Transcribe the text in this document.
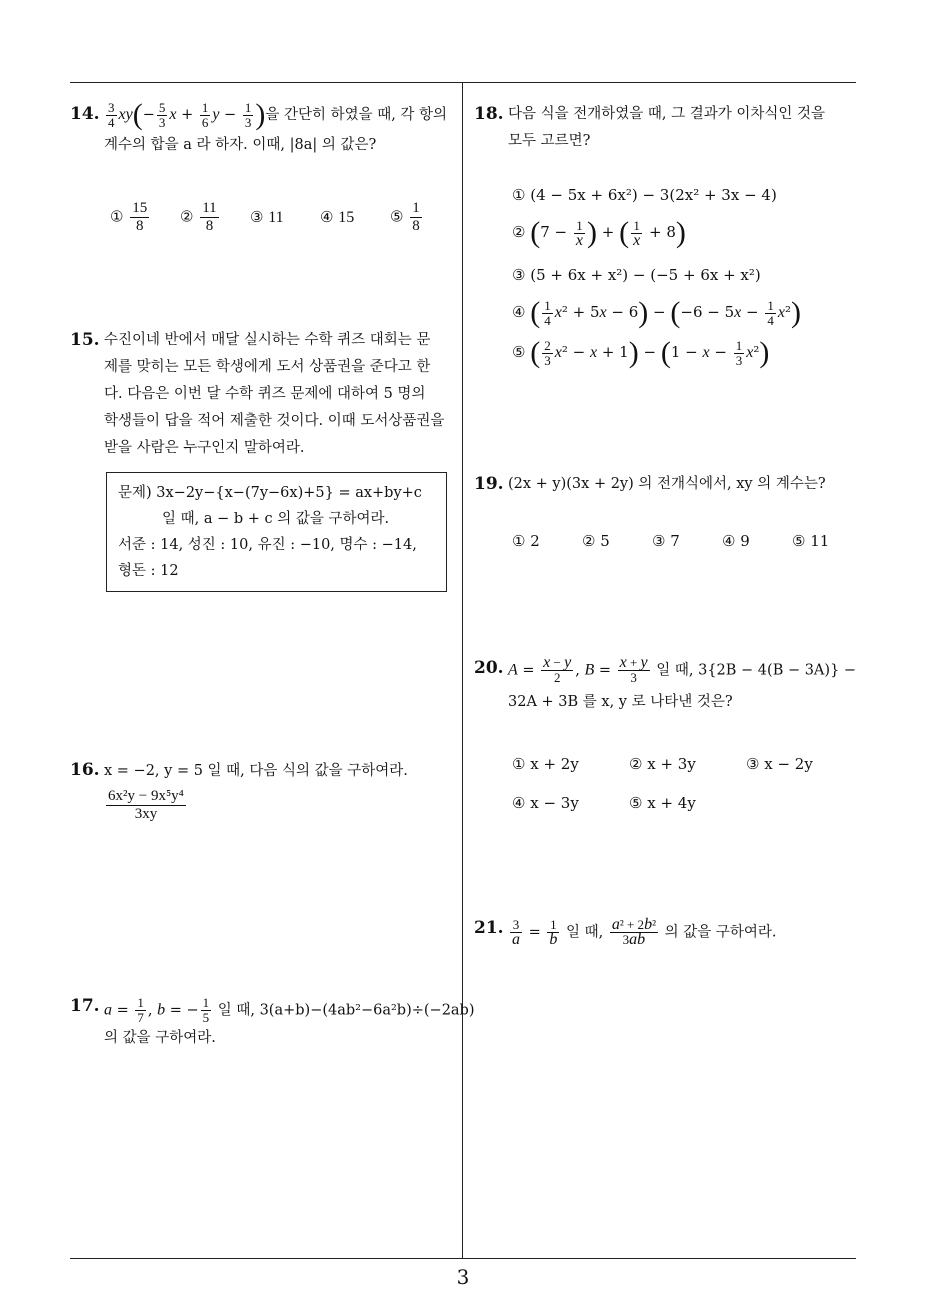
3
14. $\frac{3}{4} xy(- \frac{5}{3}$ $x + \frac{1}{6}$ $y - \frac{1}{3}$ )을 간단히 하였을 때, 각 항의
계수의 합을 a 라 하자. 이때, |8a| 의 값은?
① $\frac{15}{8}$ ② $\frac{11}{8}$ ③ 11 ④ 15 ⑤ $\frac{1}{8}$
15. 수진이네 반에서 매달 실시하는 수학 퀴즈 대회는 문
제를 맞히는 모든 학생에게 도서 상품권을 준다고 한
다. 다음은 이번 달 수학 퀴즈 문제에 대하여 5 명의
학생들이 답을 적어 제출한 것이다. 이때 도서상품권을
받을 사람은 누구인지 말하여라.
문제) 3x−2y−{x−(7y−6x)+5} = ax+by+c
일 때, a − b + c 의 값을 구하여라.
서준 : 14, 성진 : 10, 유진 : −10, 명수 : −14,
형돈 : 12
16. x = −2, y = 5 일 때, 다음 식의 값을 구하여라.
$\frac{\text{6x²y − 9x⁵y⁴}}{3xy}$
17. $a = \frac{1}{7}$ , b = − $\frac{1}{5}$ 일 때, 3(a+b)−(4ab²−6a²b)÷(−2ab)
의 값을 구하여라.
18. 다음 식을 전개하였을 때, 그 결과가 이차식인 것을
모두 고르면?
① (4 − 5x + 6x²) − 3(2x² + 3x − 4)
② ($7 - \frac{1}{x}$ ) + ( $\frac{1}{x} + 8$)
③ (5 + 6x + x²) − (−5 + 6x + x²)
④ ( $\frac{1}{4} x^2 + 5x - 6) - (-6 - 5x - \frac{1}{4} x^2)$
⑤ ( $\frac{2}{3} x^2 - x + 1) - (1 - x - \frac{1}{3} x^2)$
19. (2x + y)(3x + 2y) 의 전개식에서, xy 의 계수는?
① 2	② 5	③ 7	④ 9	⑤ 11
20. $A = \frac{x - y}{2}$ , $B = \frac{x + y}{3}$ 일 때, 3{2B − 4(B − 3A)} −
32A + 3B 를 x, y 로 나타낸 것은?
① x + 2y	② x + 3y	③ x − 2y
④ x − 3y	⑤ x + 4y
21. $\frac{3}{a} = \frac{1}{b}$ 일 때, $\frac{\text{a² + 2b²}}{3ab}$ 의 값을 구하여라.
